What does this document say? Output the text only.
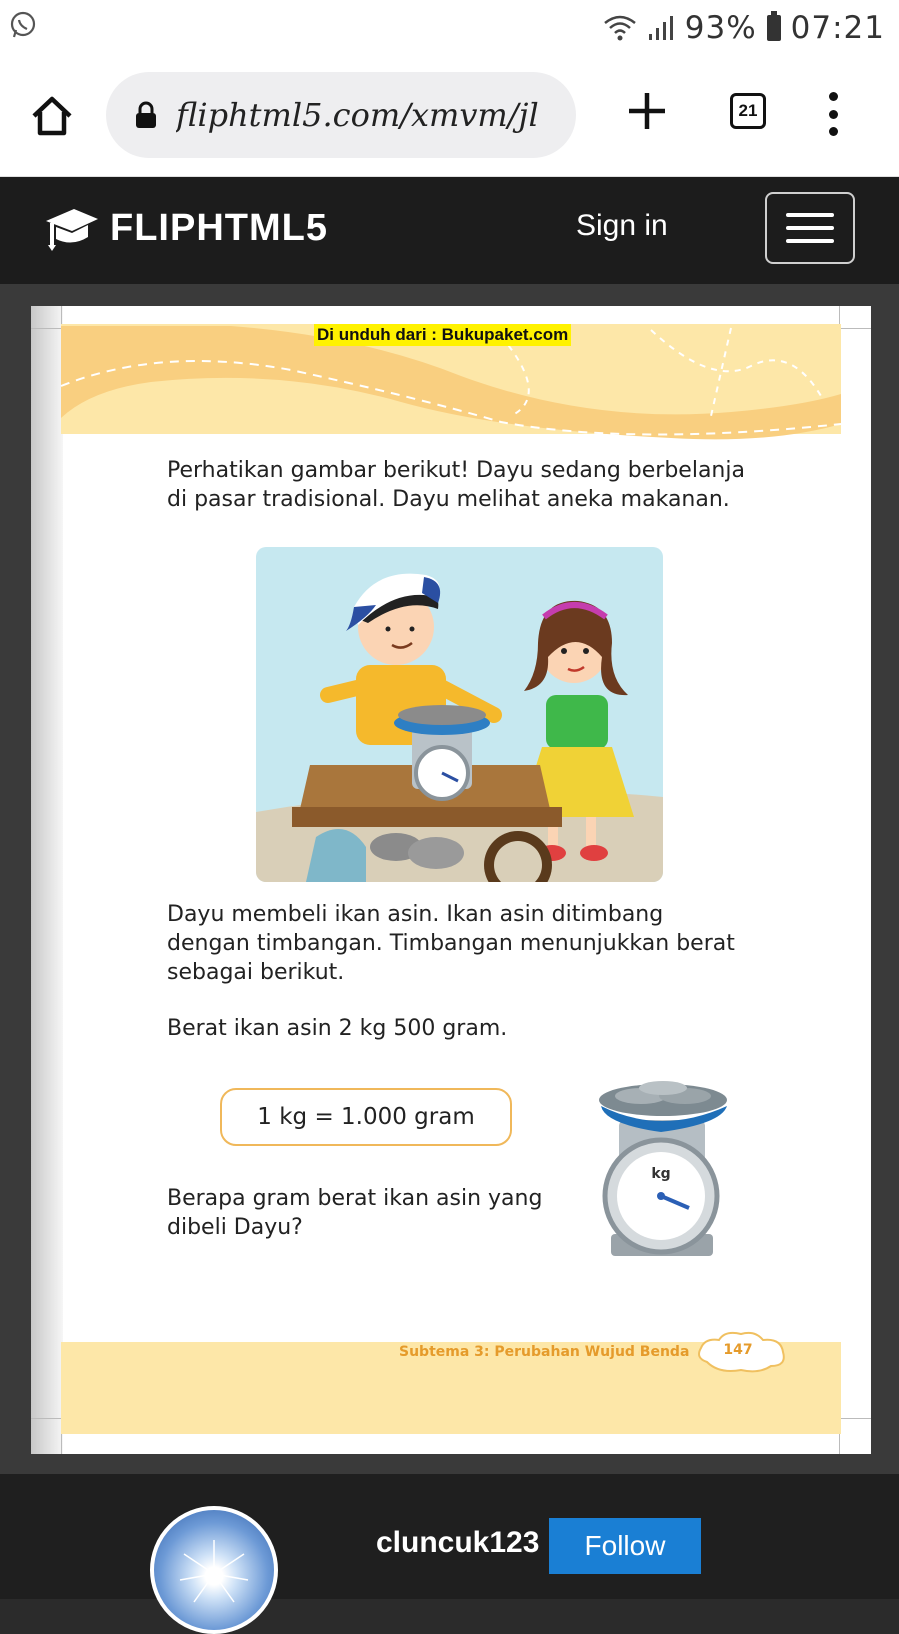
93% 07:21
fliphtml5.com/xmvm/jl	21
FLIPHTML5	Sign in
Di unduh dari : Bukupaket.com
Perhatikan gambar berikut! Dayu sedang berbelanja
di pasar tradisional. Dayu melihat aneka makanan.
Dayu membeli ikan asin. Ikan asin ditimbang
dengan timbangan. Timbangan menunjukkan berat
sebagai berikut.
Berat ikan asin 2 kg 500 gram.
1 kg = 1.000 gram
Berapa gram berat ikan asin yang
dibeli Dayu?
kg
Subtema 3: Perubahan Wujud Benda	147
cluncuk123 Follow
